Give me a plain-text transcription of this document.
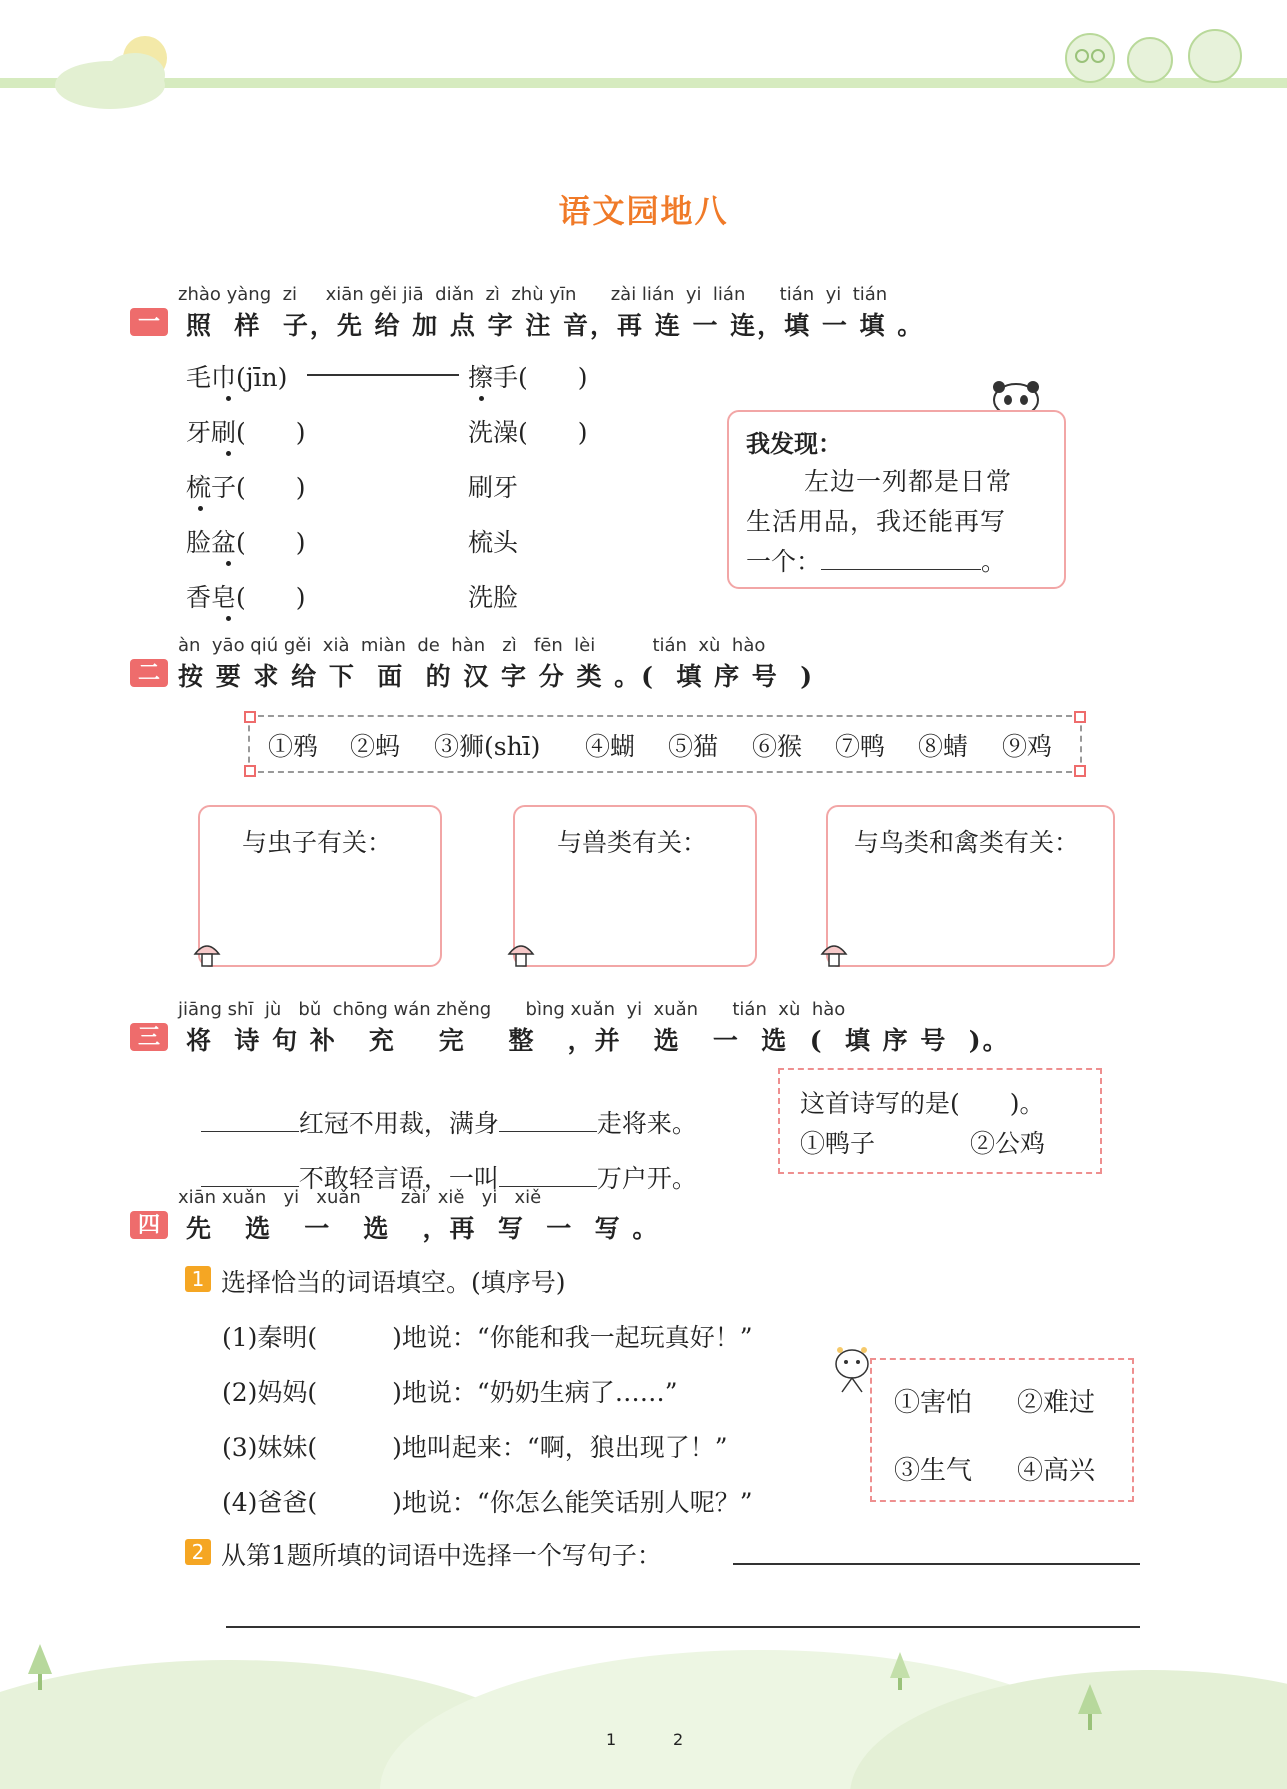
语文园地八
zhào yàng  zi     xiān gěi jiā  diǎn  zì  zhù yīn      zài lián  yi  lián      tián  yi  tián
一	照  样  子，先 给 加 点 字 注 音，再 连 一 连，填 一 填 。
毛巾(jīn)
牙刷(　　)
梳子(　　)
脸盆(　　)
香皂(　　)
擦手(　　)
洗澡(　　)
刷牙
梳头
洗脸
我发现：
左边一列都是日常
生活用品，我还能再写
一个：	。
àn  yāo qiú gěi  xià  miàn  de  hàn   zì   fēn  lèi          tián  xù  hào
二 按 要 求 给 下  面  的 汉 字 分 类 。(  填 序 号  )
①鸦 ②蚂 ③狮(shī) ④蝴 ⑤猫 ⑥猴 ⑦鸭 ⑧蜻 ⑨鸡
与虫子有关：	与兽类有关：	与鸟类和禽类有关：
jiāng shī  jù   bǔ  chōng wán zhěng      bìng xuǎn  yi  xuǎn      tián  xù  hào
三	将  诗 句 补   充    完    整   ，并   选   一  选  (  填 序 号  )。

红冠不用裁，满身	走将来。

不敢轻言语，一叫	万户开。

这首诗写的是(　　)。
①鸭子	②公鸡
xiān xuǎn   yi   xuǎn       zài  xiě   yi   xiě
四	先   选   一   选   ，再  写  一  写 。
1 选择恰当的词语填空。(填序号)
(1)秦明(　　　)地说：“你能和我一起玩真好！”
(2)妈妈(　　　)地说：“奶奶生病了……”
(3)妹妹(　　　)地叫起来：“啊，狼出现了！”
(4)爸爸(　　　)地说：“你怎么能笑话别人呢？”
①害怕 ②难过
③生气 ④高兴
2 从第1题所填的词语中选择一个写句子：
1	2
